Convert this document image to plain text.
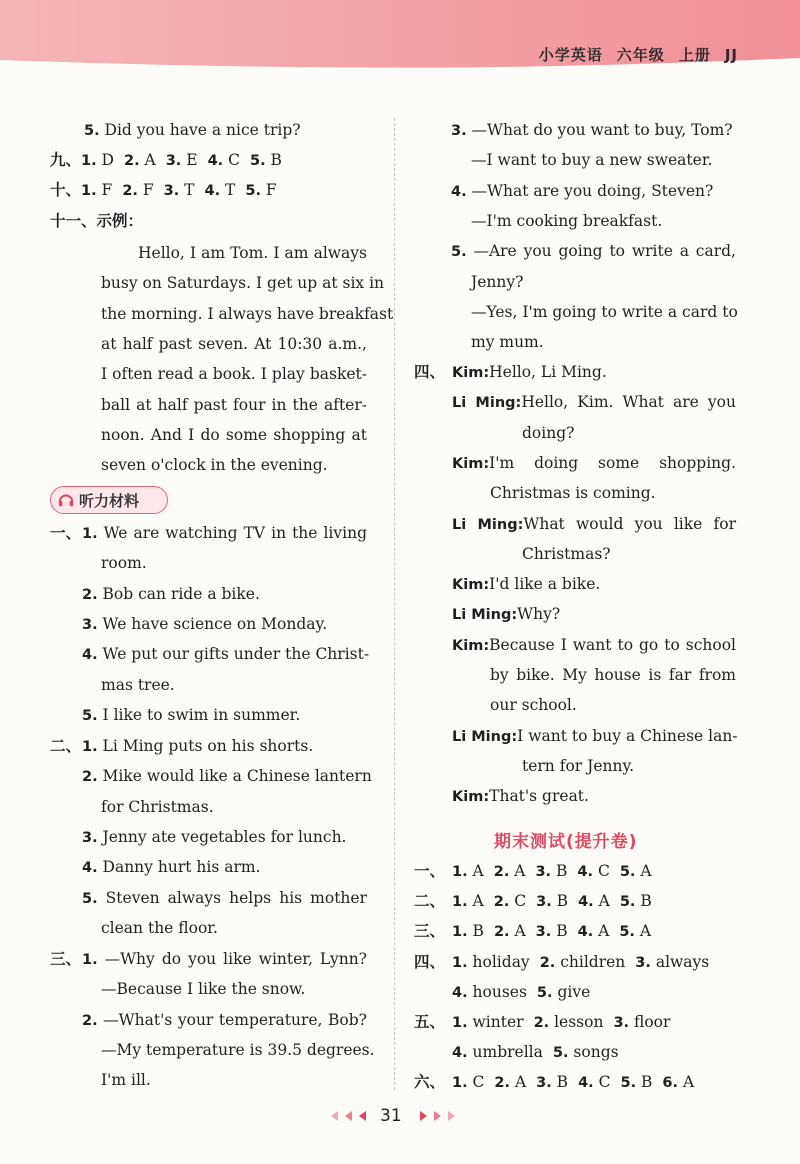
小学英语 六年级 上册 JJ
5. Did you have a nice trip?
九、1. D 2. A 3. E 4. C 5. B
十、1. F 2. F 3. T 4. T 5. F
十一、示例：
Hello, I am Tom. I am always
busy on Saturdays. I get up at six in
the morning. I always have breakfast
at half past seven. At 10:30 a.m.,
I often read a book. I play basket-
ball at half past four in the after-
noon. And I do some shopping at
seven o'clock in the evening.
1. We are watching TV in the living
一、
room.
2. Bob can ride a bike.
3. We have science on Monday.
4. We put our gifts under the Christ-
mas tree.
5. I like to swim in summer.
1. Li Ming puts on his shorts.
二、
2. Mike would like a Chinese lantern
for Christmas.
3. Jenny ate vegetables for lunch.
4. Danny hurt his arm.
5. Steven always helps his mother
clean the floor.
1. —Why do you like winter, Lynn?
三、
—Because I like the snow.
2. —What's your temperature, Bob?
—My temperature is 39.5 degrees.
I'm ill.
3. —What do you want to buy, Tom?
—I want to buy a new sweater.
4. —What are you doing, Steven?
—I'm cooking breakfast.
5. —Are you going to write a card,
Jenny?
—Yes, I'm going to write a card to
my mum.
四、 Kim:Hello, Li Ming.
Li Ming:Hello, Kim. What are you
doing?
Kim:I'm doing some shopping.
Christmas is coming.
Li Ming:What would you like for
Christmas?
Kim:I'd like a bike.
Li Ming:Why?
Kim:Because I want to go to school
by bike. My house is far from
our school.
Li Ming:I want to buy a Chinese lan-
tern for Jenny.
Kim:That's great.
一、 1. A 2. A 3. B 4. C 5. A
二、 1. A 2. C 3. B 4. A 5. B
三、 1. B 2. A 3. B 4. A 5. A
四、 1. holiday 2. children 3. always
4. houses 5. give
五、 1. winter 2. lesson 3. floor
4. umbrella 5. songs
六、 1. C 2. A 3. B 4. C 5. B 6. A
听力材料
期末测试(提升卷)
31
